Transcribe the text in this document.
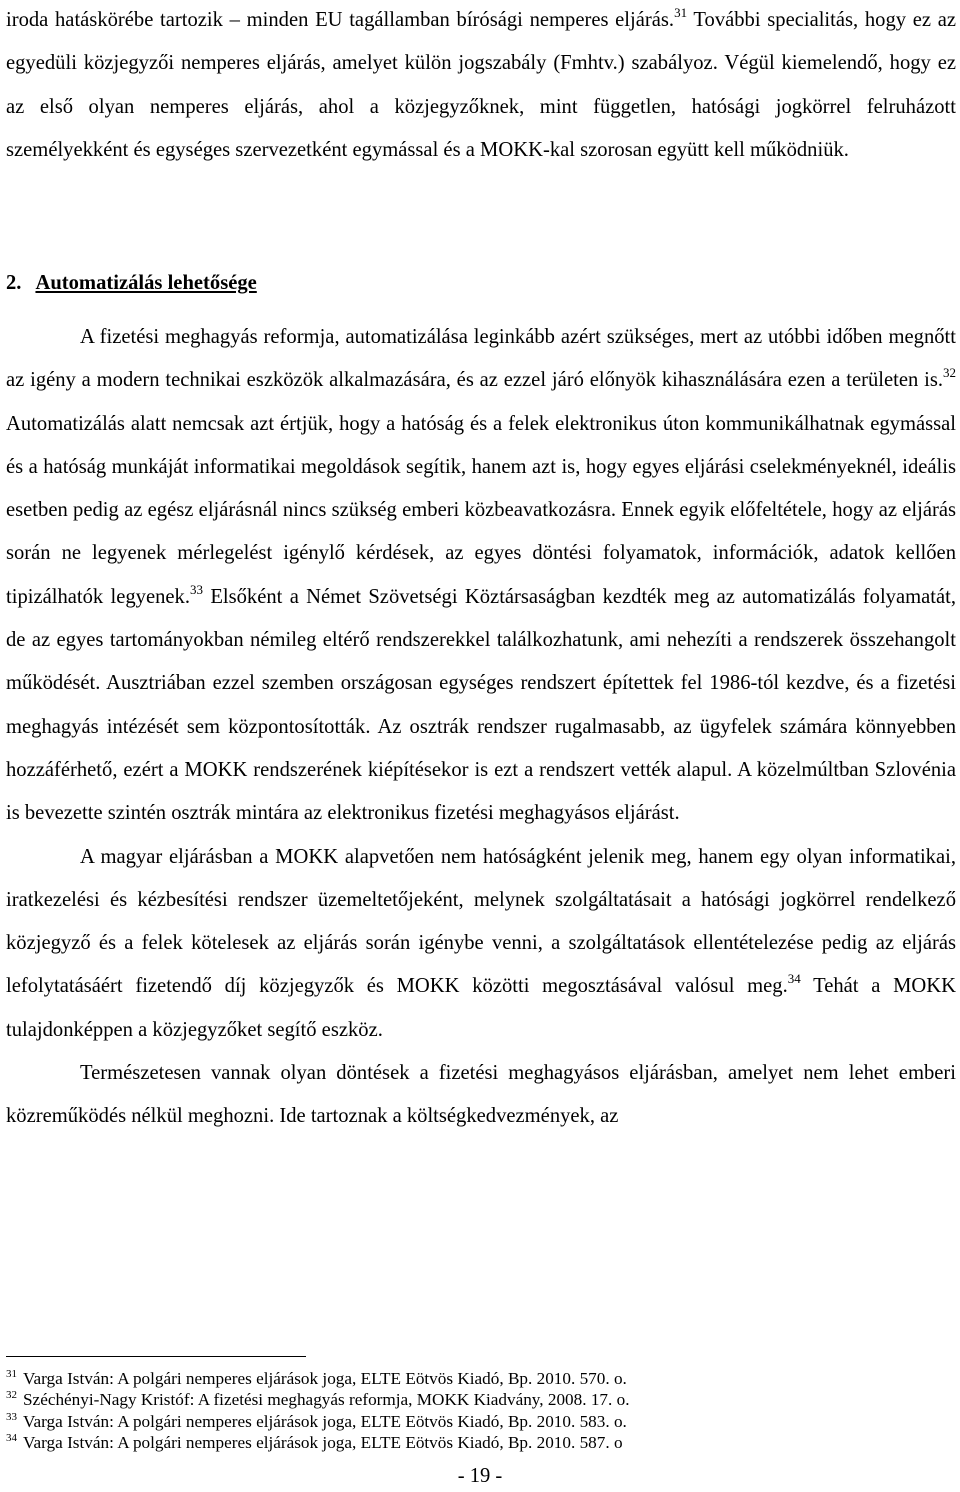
iroda hatáskörébe tartozik – minden EU tagállamban bírósági nemperes eljárás.$^{31}$ További specialitás, hogy ez az egyedüli közjegyzői nemperes eljárás, amelyet külön jogszabály (Fmhtv.) szabályoz. Végül kiemelendő, hogy ez az első olyan nemperes eljárás, ahol a közjegyzőknek, mint független, hatósági jogkörrel felruházott személyekként és egységes szervezetként egymással és a MOKK-kal szorosan együtt kell működniük.

2. Automatizálás lehetősége

A fizetési meghagyás reformja, automatizálása leginkább azért szükséges, mert az utóbbi időben megnőtt az igény a modern technikai eszközök alkalmazására, és az ezzel járó előnyök kihasználására ezen a területen is.$^{32}$ Automatizálás alatt nemcsak azt értjük, hogy a hatóság és a felek elektronikus úton kommunikálhatnak egymással és a hatóság munkáját informatikai megoldások segítik, hanem azt is, hogy egyes eljárási cselekményeknél, ideális esetben pedig az egész eljárásnál nincs szükség emberi közbeavatkozásra. Ennek egyik előfeltétele, hogy az eljárás során ne legyenek mérlegelést igénylő kérdések, az egyes döntési folyamatok, információk, adatok kellően tipizálhatók legyenek.$^{33}$ Elsőként a Német Szövetségi Köztársaságban kezdték meg az automatizálás folyamatát, de az egyes tartományokban némileg eltérő rendszerekkel találkozhatunk, ami nehezíti a rendszerek összehangolt működését. Ausztriában ezzel szemben országosan egységes rendszert építettek fel 1986-tól kezdve, és a fizetési meghagyás intézését sem központosították. Az osztrák rendszer rugalmasabb, az ügyfelek számára könnyebben hozzáférhető, ezért a MOKK rendszerének kiépítésekor is ezt a rendszert vették alapul. A közelmúltban Szlovénia is bevezette szintén osztrák mintára az elektronikus fizetési meghagyásos eljárást.

A magyar eljárásban a MOKK alapvetően nem hatóságként jelenik meg, hanem egy olyan informatikai, iratkezelési és kézbesítési rendszer üzemeltetőjeként, melynek szolgáltatásait a hatósági jogkörrel rendelkező közjegyző és a felek kötelesek az eljárás során igénybe venni, a szolgáltatások ellentételezése pedig az eljárás lefolytatásáért fizetendő díj közjegyzők és MOKK közötti megosztásával valósul meg.$^{34}$ Tehát a MOKK tulajdonképpen a közjegyzőket segítő eszköz.

Természetesen vannak olyan döntések a fizetési meghagyásos eljárásban, amelyet nem lehet emberi közreműködés nélkül meghozni. Ide tartoznak a költségkedvezmények, az

$^{31}$ Varga István: A polgári nemperes eljárások joga, ELTE Eötvös Kiadó, Bp. 2010. 570. o.
$^{32}$ Széchényi-Nagy Kristóf: A fizetési meghagyás reformja, MOKK Kiadvány, 2008. 17. o.
$^{33}$ Varga István: A polgári nemperes eljárások joga, ELTE Eötvös Kiadó, Bp. 2010. 583. o.
$^{34}$ Varga István: A polgári nemperes eljárások joga, ELTE Eötvös Kiadó, Bp. 2010. 587. o
- 19 -
